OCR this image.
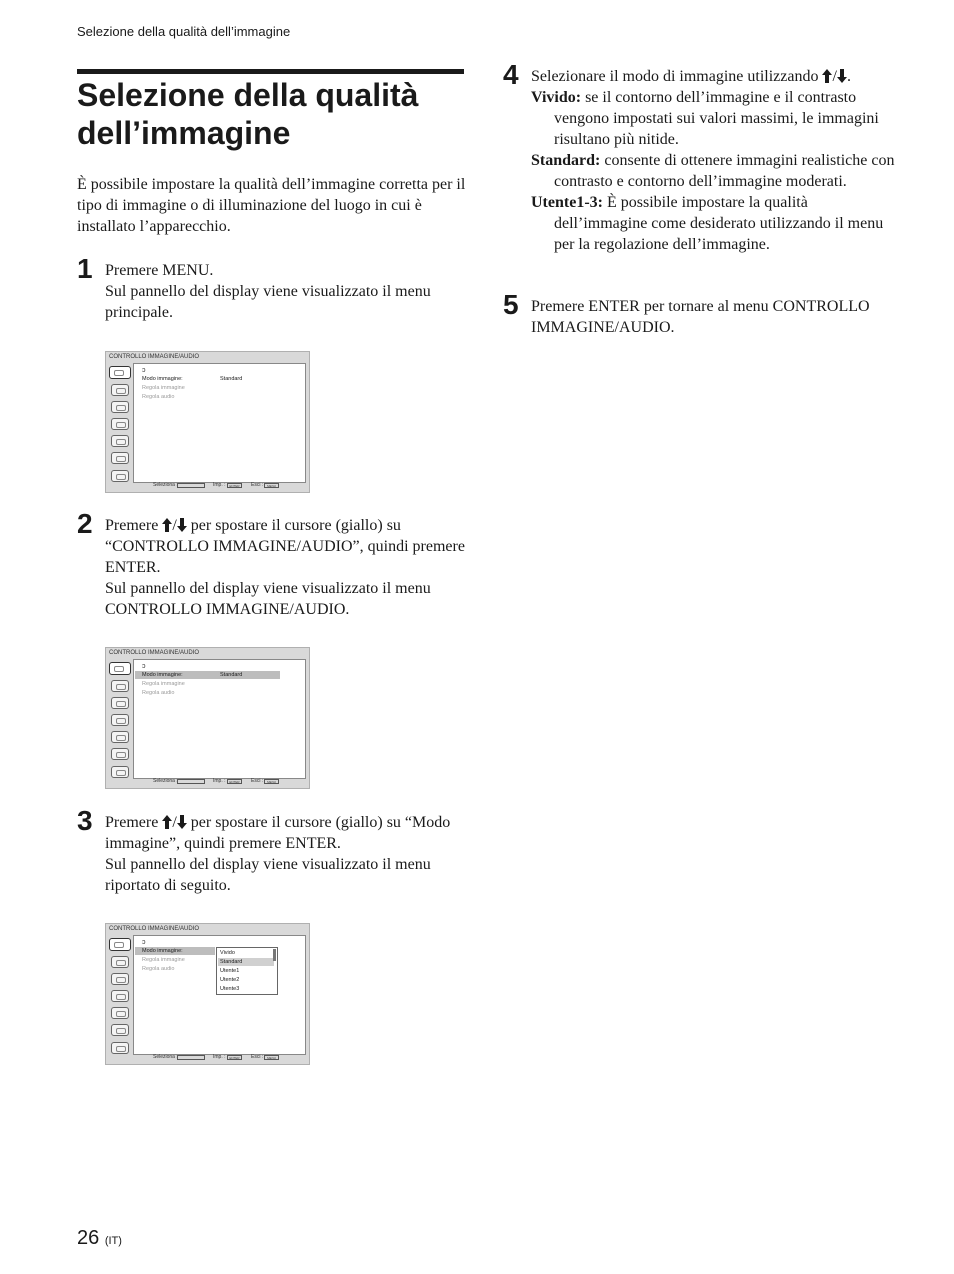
Selezione della qualità dell’immagine
Selezione della qualità dell’immagine

È possibile impostare la qualità dell’immagine corretta per il tipo di immagine o di illuminazione del luogo in cui è installato l’apparecchio.

1 Premere MENU.

Sul pannello del display viene visualizzato il menu principale.

CONTROLLO IMMAGINE/AUDIO
ↄ
Modo immagine:	Standard
Regola immagine
Regola audio
Seleziona :	Imp. :	ENTER	Esci :	MENU
2 Premere / per spostare il cursore (giallo) su “CONTROLLO IMMAGINE/AUDIO”, quindi premere ENTER.

Sul pannello del display viene visualizzato il menu CONTROLLO IMMAGINE/AUDIO.

CONTROLLO IMMAGINE/AUDIO
ↄ
Modo immagine:	Standard
Regola immagine
Regola audio
Seleziona :	Imp. :	ENTER	Esci :	MENU
3 Premere / per spostare il cursore (giallo) su “Modo immagine”, quindi premere ENTER.

Sul pannello del display viene visualizzato il menu riportato di seguito.

CONTROLLO IMMAGINE/AUDIO
ↄ
Modo immagine:
Regola immagine
Regola audio
Vivido
Standard
Utente1
Utente2
Utente3
Seleziona :	Imp. :	ENTER	Esci :	MENU
4 Selezionare il modo di immagine utilizzando / .

Vivido: se il contorno dell’immagine e il contrasto vengono impostati sui valori massimi, le immagini risultano più nitide.

Standard: consente di ottenere immagini realistiche con contrasto e contorno dell’immagine moderati.

Utente1-3: È possibile impostare la qualità dell’immagine come desiderato utilizzando il menu per la regolazione dell’immagine.

5 Premere ENTER per tornare al menu CONTROLLO IMMAGINE/AUDIO.

26 (IT)
